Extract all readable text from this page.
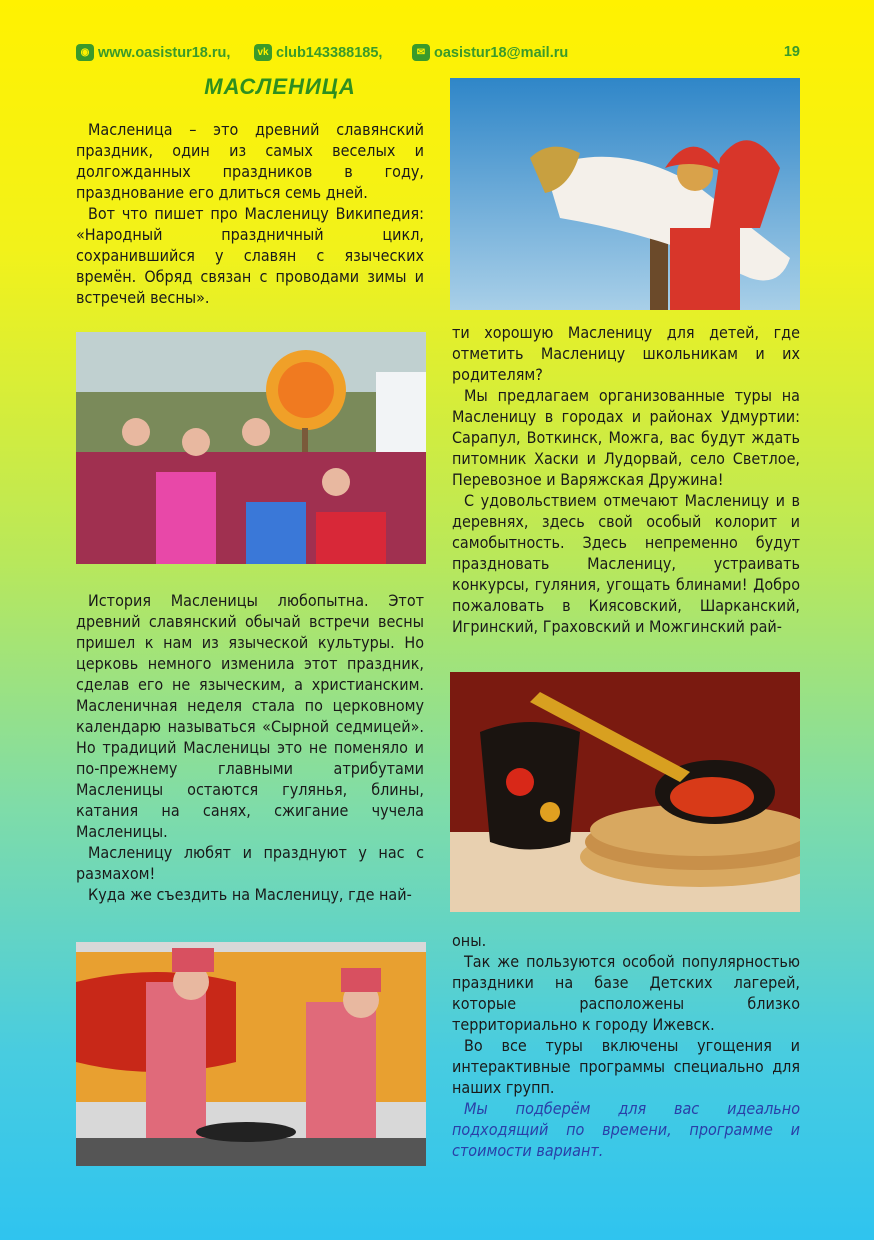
◉ www.oasistur18.ru,	vk club143388185,	✉ oasistur18@mail.ru	19
МАСЛЕНИЦА

Масленица – это древний славянский праздник, один из самых веселых и долгожданных праздников в году, празднование его длиться семь дней.

Вот что пишет про Масленицу Википедия: «Народный праздничный цикл, сохранившийся у славян с языческих времён. Обряд связан с проводами зимы и встречей весны».

История Масленицы любопытна. Этот древний славянский обычай встречи весны пришел к нам из языческой культуры. Но церковь немного изменила этот праздник, сделав его не языческим, а христианским. Масленичная неделя стала по церковному календарю называться «Сырной седмицей». Но традиций Масленицы это не поменяло и по-прежнему главными атрибутами Масленицы остаются гулянья, блины, катания на санях, сжигание чучела Масленицы.

Масленицу любят и празднуют у нас с размахом!

Куда же съездить на Масленицу, где най-

ти хорошую Масленицу для детей, где отметить Масленицу школьникам и их родителям?

Мы предлагаем организованные туры на Масленицу в городах и районах Удмуртии: Сарапул, Воткинск, Можга, вас будут ждать питомник Хаски и Лудорвай, село Светлое, Перевозное и Варяжская Дружина!

С удовольствием отмечают Масленицу и в деревнях, здесь свой особый колорит и самобытность. Здесь непременно будут праздновать Масленицу, устраивать конкурсы, гуляния, угощать блинами! Добро пожаловать в Киясовский, Шарканский, Игринский, Граховский и Можгинский рай-

оны.

Так же пользуются особой популярностью праздники на базе Детских лагерей, которые расположены близко территориально к городу Ижевск.

Во все туры включены угощения и интерактивные программы специально для наших групп.

Мы подберём для вас идеально подходящий по времени, программе и стоимости вариант.
